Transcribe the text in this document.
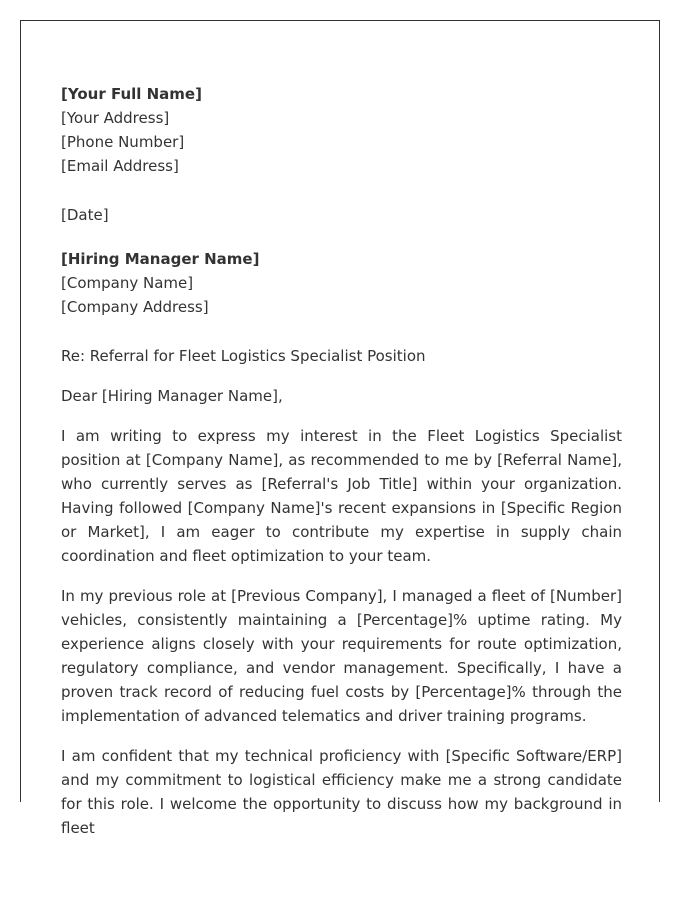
[Your Full Name]
[Your Address]
[Phone Number]
[Email Address]
[Date]
[Hiring Manager Name]
[Company Name]
[Company Address]
Re: Referral for Fleet Logistics Specialist Position
Dear [Hiring Manager Name],

I am writing to express my interest in the Fleet Logistics Specialist position at [Company Name], as recommended to me by [Referral Name], who currently serves as [Referral's Job Title] within your organization. Having followed [Company Name]'s recent expansions in [Specific Region or Market], I am eager to contribute my expertise in supply chain coordination and fleet optimization to your team.

In my previous role at [Previous Company], I managed a fleet of [Number] vehicles, consistently maintaining a [Percentage]% uptime rating. My experience aligns closely with your requirements for route optimization, regulatory compliance, and vendor management. Specifically, I have a proven track record of reducing fuel costs by [Percentage]% through the implementation of advanced telematics and driver training programs.

I am confident that my technical proficiency with [Specific Software/ERP] and my commitment to logistical efficiency make me a strong candidate for this role. I welcome the opportunity to discuss how my background in fleet
